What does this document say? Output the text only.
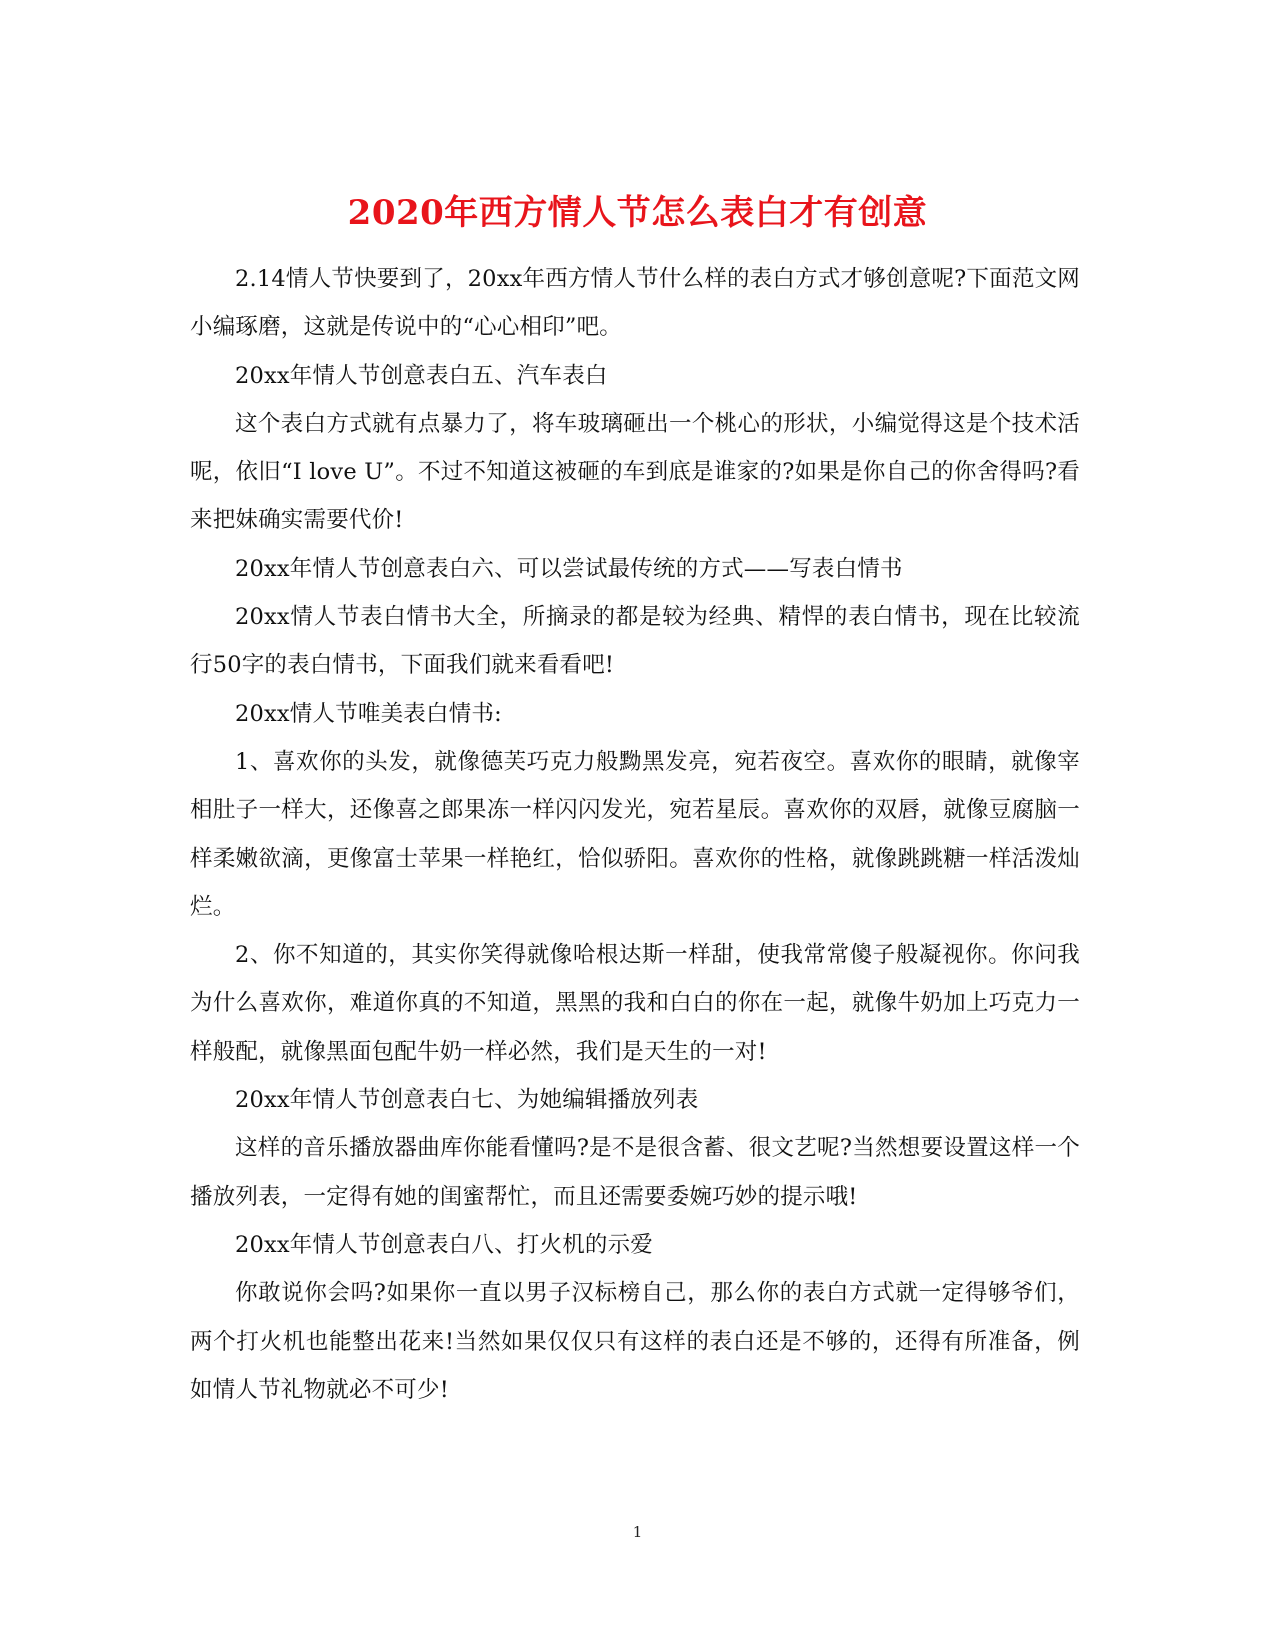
2020年西方情人节怎么表白才有创意

2.14情人节快要到了，20xx年西方情人节什么样的表白方式才够创意呢?下面范文网小编琢磨，这就是传说中的“心心相印”吧。

20xx年情人节创意表白五、汽车表白

这个表白方式就有点暴力了，将车玻璃砸出一个桃心的形状，小编觉得这是个技术活呢，依旧“I love U”。不过不知道这被砸的车到底是谁家的?如果是你自己的你舍得吗?看来把妹确实需要代价!

20xx年情人节创意表白六、可以尝试最传统的方式——写表白情书

20xx情人节表白情书大全，所摘录的都是较为经典、精悍的表白情书，现在比较流行50字的表白情书，下面我们就来看看吧!

20xx情人节唯美表白情书:

1、喜欢你的头发，就像德芙巧克力般黝黑发亮，宛若夜空。喜欢你的眼睛，就像宰相肚子一样大，还像喜之郎果冻一样闪闪发光，宛若星辰。喜欢你的双唇，就像豆腐脑一样柔嫩欲滴，更像富士苹果一样艳红，恰似骄阳。喜欢你的性格，就像跳跳糖一样活泼灿烂。

2、你不知道的，其实你笑得就像哈根达斯一样甜，使我常常傻子般凝视你。你问我为什么喜欢你，难道你真的不知道，黑黑的我和白白的你在一起，就像牛奶加上巧克力一样般配，就像黑面包配牛奶一样必然，我们是天生的一对!

20xx年情人节创意表白七、为她编辑播放列表

这样的音乐播放器曲库你能看懂吗?是不是很含蓄、很文艺呢?当然想要设置这样一个播放列表，一定得有她的闺蜜帮忙，而且还需要委婉巧妙的提示哦!

20xx年情人节创意表白八、打火机的示爱

你敢说你会吗?如果你一直以男子汉标榜自己，那么你的表白方式就一定得够爷们，两个打火机也能整出花来!当然如果仅仅只有这样的表白还是不够的，还得有所准备，例如情人节礼物就必不可少!

1
